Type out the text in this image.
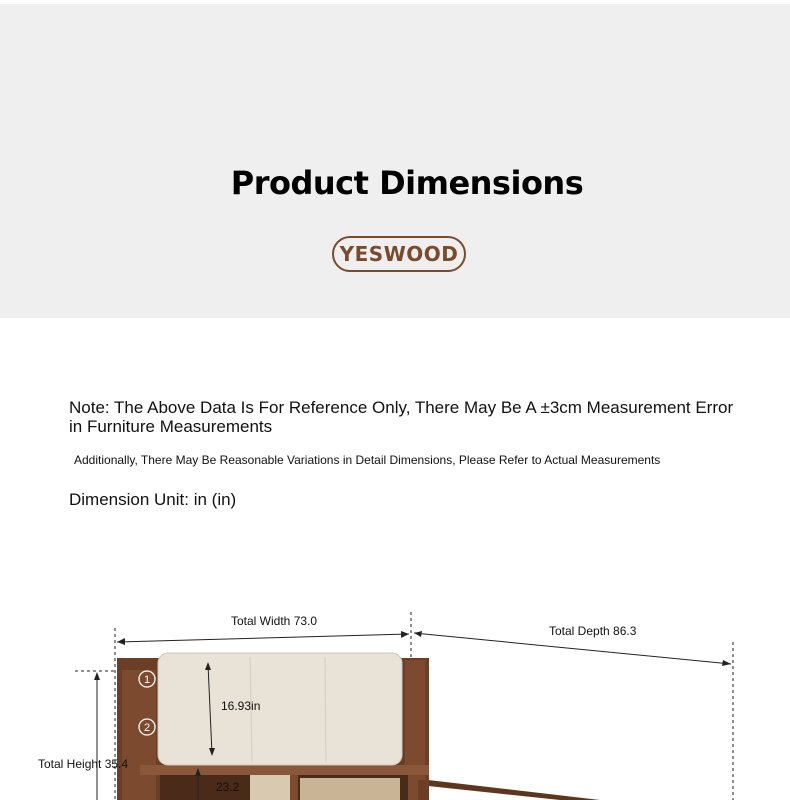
Product Dimensions
YESWOOD
Note: The Above Data Is For Reference Only, There May Be A ±3cm Measurement Error in Furniture Measurements
Additionally, There May Be Reasonable Variations in Detail Dimensions, Please Refer to Actual Measurements
Dimension Unit: in (in)
1
2
Total Width 73.0
Total Depth 86.3
Total Height 35.4
16.93in
23.2
